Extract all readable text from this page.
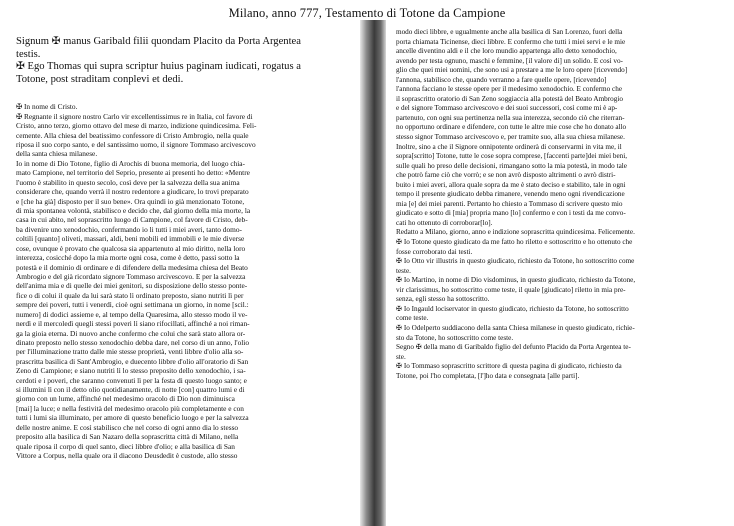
Milano, anno 777, Testamento di Totone da Campione
Signum ✠ manus Garibald filii quondam Placito da Porta Argentea
testis.
✠ Ego Thomas qui supra scriptur huius paginam iudicati, rogatus a
Totone, post straditam conplevi et dedi.
✠ In nome di Cristo.
✠ Regnante il signore nostro Carlo vir excellentissimus re in Italia, col favore di
Cristo, anno terzo, giorno ottavo del mese di marzo, indizione quindicesima. Feli-
cemente. Alla chiesa del beatissimo confessore di Cristo Ambrogio, nella quale
riposa il suo corpo santo, e del santissimo uomo, il signore Tommaso arcivescovo
della santa chiesa milanese.
Io in nome di Dio Totone, figlio di Arochis di buona memoria, del luogo chia-
mato Campione, nel territorio del Seprio, presente ai presenti ho detto: «Mentre
l'uomo è stabilito in questo secolo, così deve per la salvezza della sua anima
considerare che, quando verrà il nostro redentore a giudicare, lo trovi preparato
e [che ha già] disposto per il suo bene». Ora quindi io già menzionato Totone,
di mia spontanea volontà, stabilisco e decido che, dal giorno della mia morte, la
casa in cui abito, nel soprascritto luogo di Campione, col favore di Cristo, deb-
ba divenire uno xenodochio, confermando io li tutti i miei averi, tanto domo-
coltili [quanto] oliveti, massari, aldi, beni mobili ed immobili e le mie diverse
cose, ovunque è provato che qualcosa sia appartenuto al mio diritto, nella loro
interezza, cosicché dopo la mia morte ogni cosa, come è detto, passi sotto la
potestà e il dominio di ordinare e di difendere della medesima chiesa del Beato
Ambrogio e del già ricordato signore Tommaso arcivescovo. E per la salvezza
dell'anima mia e di quelle dei miei genitori, su disposizione dello stesso ponte-
fice o di colui il quale da lui sarà stato lì ordinato preposto, siano nutriti lì per
sempre dei poveri, tutti i venerdì, cioè ogni settimana un giorno, in nome [scil.:
numero] di dodici assieme e, al tempo della Quaresima, allo stesso modo il ve-
nerdì e il mercoledì quegli stessi poveri lì siano rifocillati, affinché a noi riman-
ga la gioia eterna. Di nuovo anche confermo che colui che sarà stato allora or-
dinato preposto nello stesso xenodochio debba dare, nel corso di un anno, l'olio
per l'illuminazione tratto dalle mie stesse proprietà, venti libbre d'olio alla so-
prascritta basilica di Sant'Ambrogio, e duecento libbre d'olio all'oratorio di San
Zeno di Campione; e siano nutriti lì lo stesso preposito dello xenodochio, i sa-
cerdoti e i poveri, che saranno convenuti lì per la festa di questo luogo santo; e
si illumini lì con il detto olio quotidianamente, di notte [con] quattro lumi e di
giorno con un lume, affinché nel medesimo oracolo di Dio non diminuisca
[mai] la luce; e nella festività del medesimo oracolo più completamente e con
tutti i lumi sia illuminato, per amore di questo beneficio luogo e per la salvezza
delle nostre anime. E così stabilisco che nel corso di ogni anno dia lo stesso
preposito alla basilica di San Nazaro della soprascritta città di Milano, nella
quale riposa il corpo di quel santo, dieci libbre d'olio; e alla basilica di San
Vittore a Corpus, nella quale ora il diacono Deusdedit è custode, allo stesso
modo dieci libbre, e ugualmente anche alla basilica di San Lorenzo, fuori della
porta chiamata Ticinense, dieci libbre. E confermo che tutti i miei servi e le mie
ancelle diventino aldi e il che loro mundio appartenga allo detto xenodochio,
avendo per testa ognuno, maschi e femmine, [il valore di] un solido. E così vo-
glio che quei miei uomini, che sono usi a prestare a me le loro opere [ricevendo]
l'annona, stabilisco che, quando verranno a fare quelle opere, [ricevendo]
l'annona facciano le stesse opere per il medesimo xenodochio. E confermo che
il soprascritto oratorio di San Zeno soggiaccia alla potestà del Beato Ambrogio
e del signore Tommaso arcivescovo e dei suoi successori, così come mi è ap-
partenuto, con ogni sua pertinenza nella sua interezza, secondo ciò che riterran-
no opportuno ordinare e difendere, con tutte le altre mie cose che ho donato allo
stesso signor Tommaso arcivescovo e, per tramite suo, alla sua chiesa milanese.
Inoltre, sino a che il Signore onnipotente ordinerà di conservarmi in vita me, il
sopra[scritto] Totone, tutte le cose sopra comprese, [faccenti parte]dei miei beni,
sulle quali ho preso delle decisioni, rimangano sotto la mia potestà, in modo tale
che potrò farne ciò che vorrò; e se non avrò disposto altrimenti o avrò distri-
buito i miei averi, allora quale sopra da me è stato deciso e stabilito, tale in ogni
tempo il presente giudicato debba rimanere, venendo meno ogni rivendicazione
mia [e] dei miei parenti. Pertanto ho chiesto a Tommaso di scrivere questo mio
giudicato e sotto di [mia] propria mano [lo] confermo e con i testi da me convo-
cati ho ottenuto di corroborar[lo].
Redatto a Milano, giorno, anno e indizione soprascritta quindicesima. Felicemente.
✠ Io Totone questo giudicato da me fatto ho riletto e sottoscritto e ho ottenuto che
fosse corroborato dai testi.
✠ Io Otto vir illustris in questo giudicato, richiesto da Totone, ho sottoscritto come
teste.
✠ Io Martino, in nome di Dio visdominus, in questo giudicato, richiesto da Totone,
vir clarissimus, ho sottoscritto come teste, il quale [giudicato] riletto in mia pre-
senza, egli stesso ha sottoscritto.
✠ Io Ingauld lociservator in questo giudicato, richiesto da Totone, ho sottoscritto
come teste.
✠ Io Odelperto suddiacono della santa Chiesa milanese in questo giudicato, richie-
sto da Totone, ho sottoscritto come teste.
Segno ✠ della mano di Garibaldo figlio del defunto Placido da Porta Argentea te-
ste.
✠ Io Tommaso soprascritto scrittore di questa pagina di giudicato, richiesto da
Totone, poi l'ho completata, [l']ho data e consegnata [alle parti].
